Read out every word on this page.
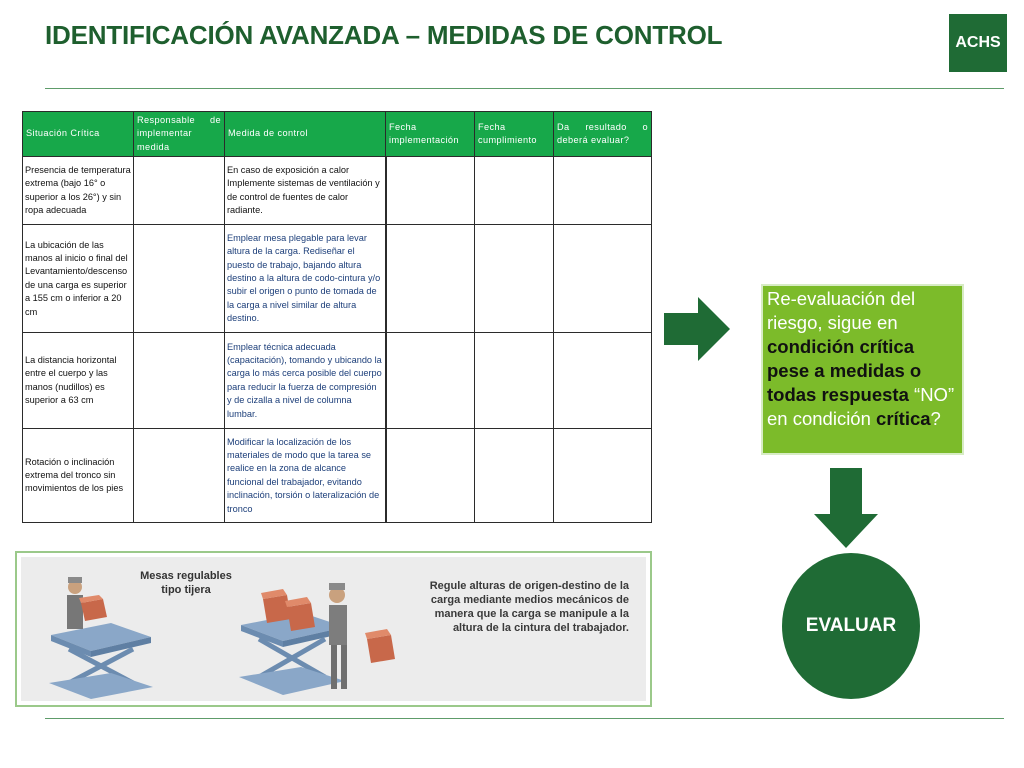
IDENTIFICACIÓN AVANZADA – MEDIDAS DE CONTROL	ACHS
Situación Crítica	Responsable de implementar medida	Medida de control	Fecha implementación	Fecha cumplimiento	Da resultado o deberá evaluar?
Presencia de temperatura extrema (bajo 16° o superior a los 26°) y sin ropa adecuada		En caso de exposición a calor Implemente sistemas de ventilación y de control de fuentes de calor radiante.			
La ubicación de las manos al inicio o final del Levantamiento/descenso de una carga es superior a 155 cm o inferior a 20 cm		Emplear mesa plegable para levar altura de la carga. Rediseñar el puesto de trabajo, bajando altura destino a la altura de codo-cintura y/o subir el origen o punto de tomada de la carga a nivel similar de altura destino.			
La distancia horizontal entre el cuerpo y las manos (nudillos) es superior a 63 cm		Emplear técnica adecuada (capacitación), tomando y ubicando la carga lo más cerca posible del cuerpo para reducir la fuerza de compresión y de cizalla a nivel de columna lumbar.			
Rotación o inclinación extrema del tronco sin movimientos de los pies		Modificar la localización de los materiales de modo que la tarea se realice en la zona de alcance funcional del trabajador, evitando inclinación, torsión o lateralización de tronco			
Re-evaluación del riesgo, sigue en condición crítica pese a medidas o todas respuesta “NO” en condición crítica?
EVALUAR
Mesas regulables tipo tijera	Regule alturas de origen-destino de la carga mediante medios mecánicos de manera que la carga se manipule a la altura de la cintura del trabajador.
